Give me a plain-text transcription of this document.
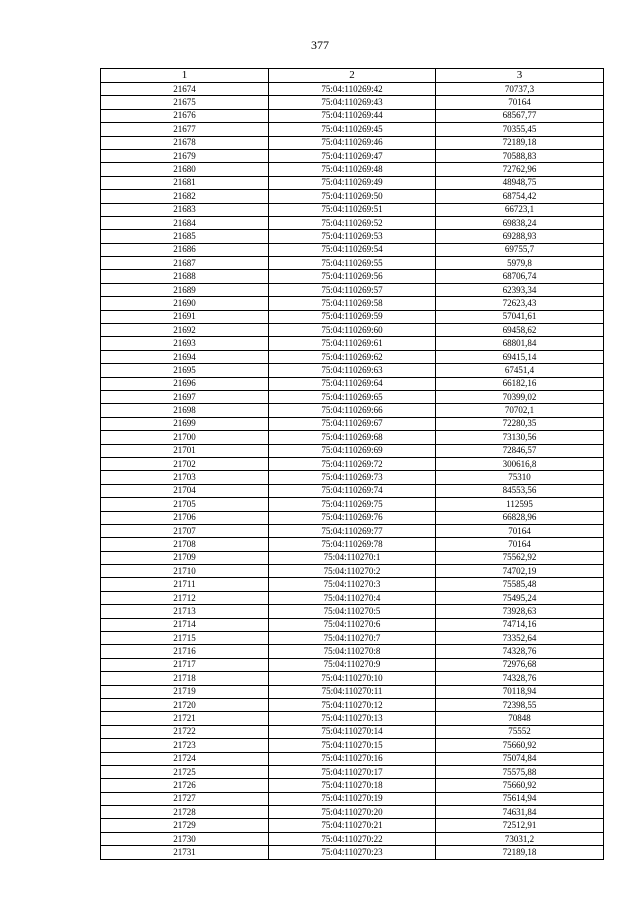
377
1	2	3
21674	75:04:110269:42	70737,3
21675	75:04:110269:43	70164
21676	75:04:110269:44	68567,77
21677	75:04:110269:45	70355,45
21678	75:04:110269:46	72189,18
21679	75:04:110269:47	70588,83
21680	75:04:110269:48	72762,96
21681	75:04:110269:49	48948,75
21682	75:04:110269:50	68754,42
21683	75:04:110269:51	66723,1
21684	75:04:110269:52	69838,24
21685	75:04:110269:53	69288,93
21686	75:04:110269:54	69755,7
21687	75:04:110269:55	5979,8
21688	75:04:110269:56	68706,74
21689	75:04:110269:57	62393,34
21690	75:04:110269:58	72623,43
21691	75:04:110269:59	57041,61
21692	75:04:110269:60	69458,62
21693	75:04:110269:61	68801,84
21694	75:04:110269:62	69415,14
21695	75:04:110269:63	67451,4
21696	75:04:110269:64	66182,16
21697	75:04:110269:65	70399,02
21698	75:04:110269:66	70702,1
21699	75:04:110269:67	72280,35
21700	75:04:110269:68	73130,56
21701	75:04:110269:69	72846,57
21702	75:04:110269:72	300616,8
21703	75:04:110269:73	75310
21704	75:04:110269:74	84553,56
21705	75:04:110269:75	112595
21706	75:04:110269:76	66828,96
21707	75:04:110269:77	70164
21708	75:04:110269:78	70164
21709	75:04:110270:1	75562,92
21710	75:04:110270:2	74702,19
21711	75:04:110270:3	75585,48
21712	75:04:110270:4	75495,24
21713	75:04:110270:5	73928,63
21714	75:04:110270:6	74714,16
21715	75:04:110270:7	73352,64
21716	75:04:110270:8	74328,76
21717	75:04:110270:9	72976,68
21718	75:04:110270:10	74328,76
21719	75:04:110270:11	70118,94
21720	75:04:110270:12	72398,55
21721	75:04:110270:13	70848
21722	75:04:110270:14	75552
21723	75:04:110270:15	75660,92
21724	75:04:110270:16	75074,84
21725	75:04:110270:17	75575,88
21726	75:04:110270:18	75660,92
21727	75:04:110270:19	75614,94
21728	75:04:110270:20	74631,84
21729	75:04:110270:21	72512,91
21730	75:04:110270:22	73031,2
21731	75:04:110270:23	72189,18
